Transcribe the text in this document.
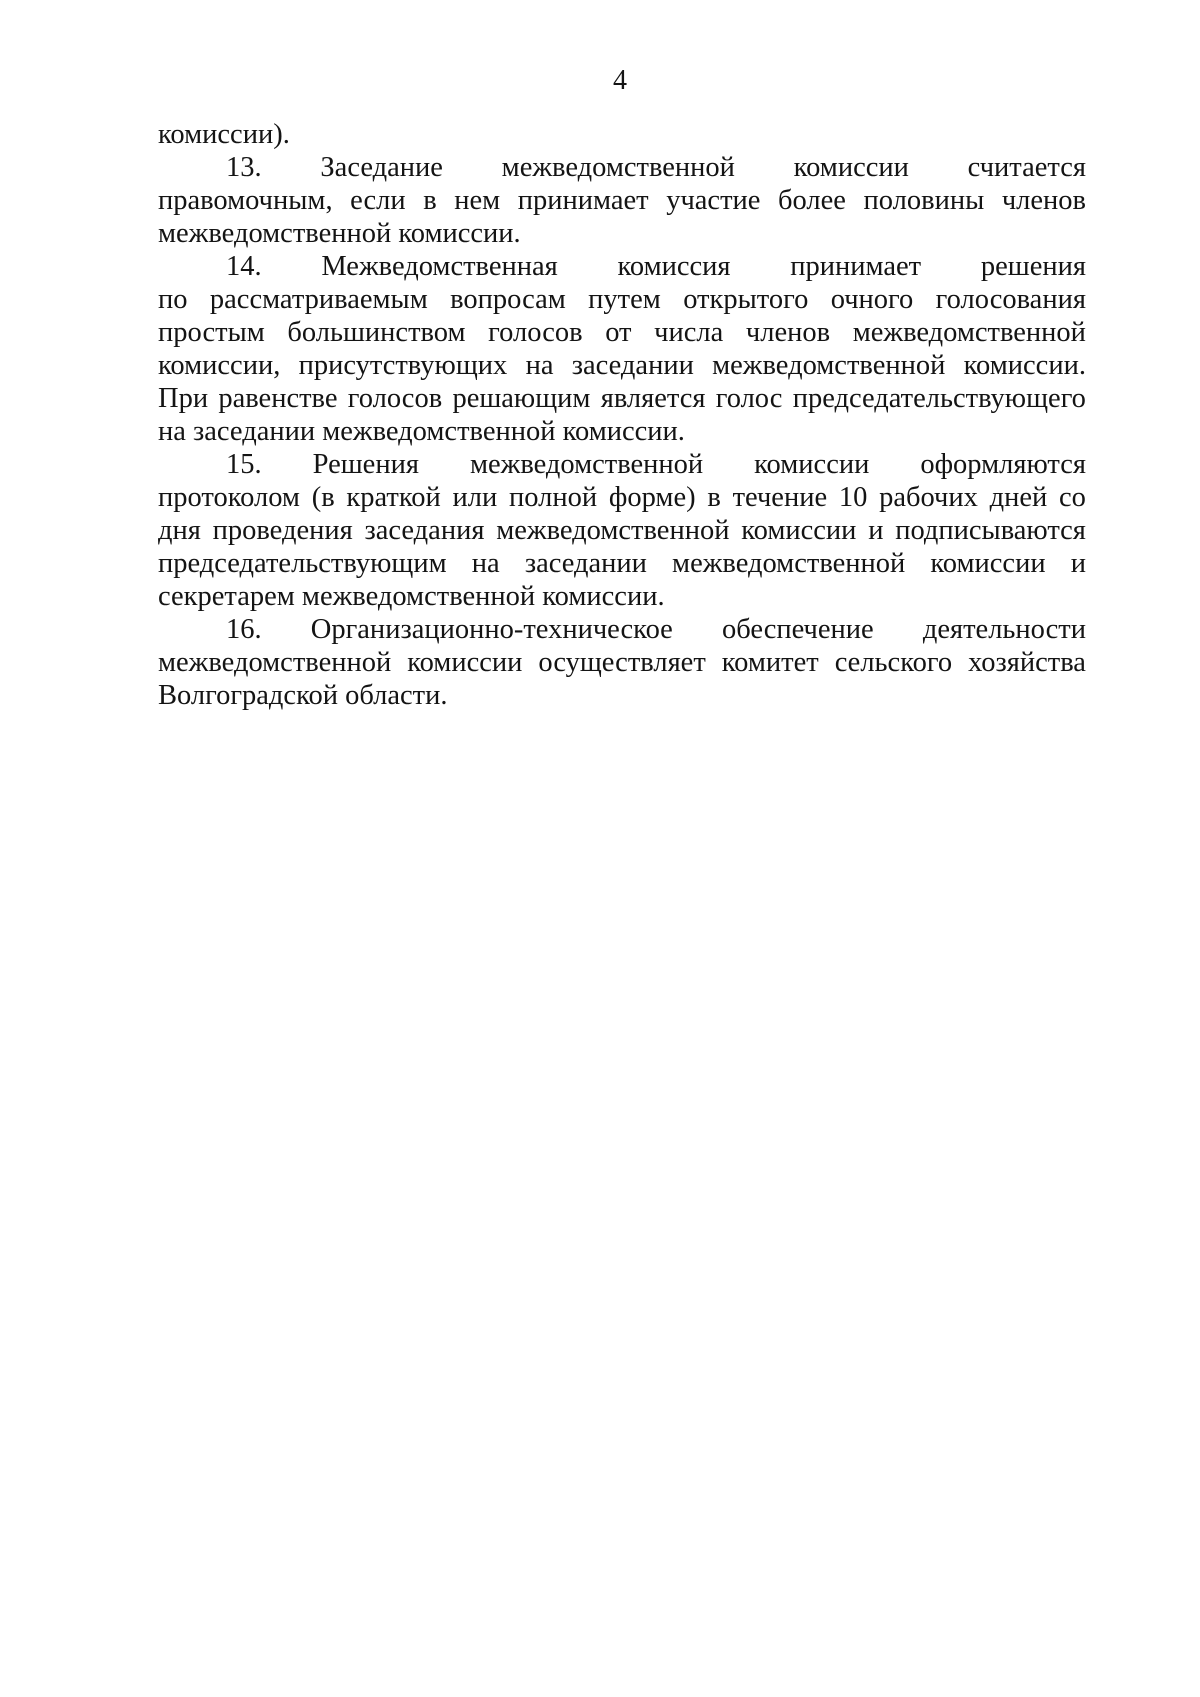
4
комиссии).
13. Заседание межведомственной комиссии считается
правомочным, если в нем принимает участие более половины членов
межведомственной комиссии.
14. Межведомственная комиссия принимает решения
по рассматриваемым вопросам путем открытого очного голосования
простым большинством голосов от числа членов межведомственной
комиссии, присутствующих на заседании межведомственной комиссии.
При равенстве голосов решающим является голос председательствующего
на заседании межведомственной комиссии.
15. Решения межведомственной комиссии оформляются
протоколом (в краткой или полной форме) в течение 10 рабочих дней со
дня проведения заседания межведомственной комиссии и подписываются
председательствующим на заседании межведомственной комиссии и
секретарем межведомственной комиссии.
16. Организационно-техническое обеспечение деятельности
межведомственной комиссии осуществляет комитет сельского хозяйства
Волгоградской области.
